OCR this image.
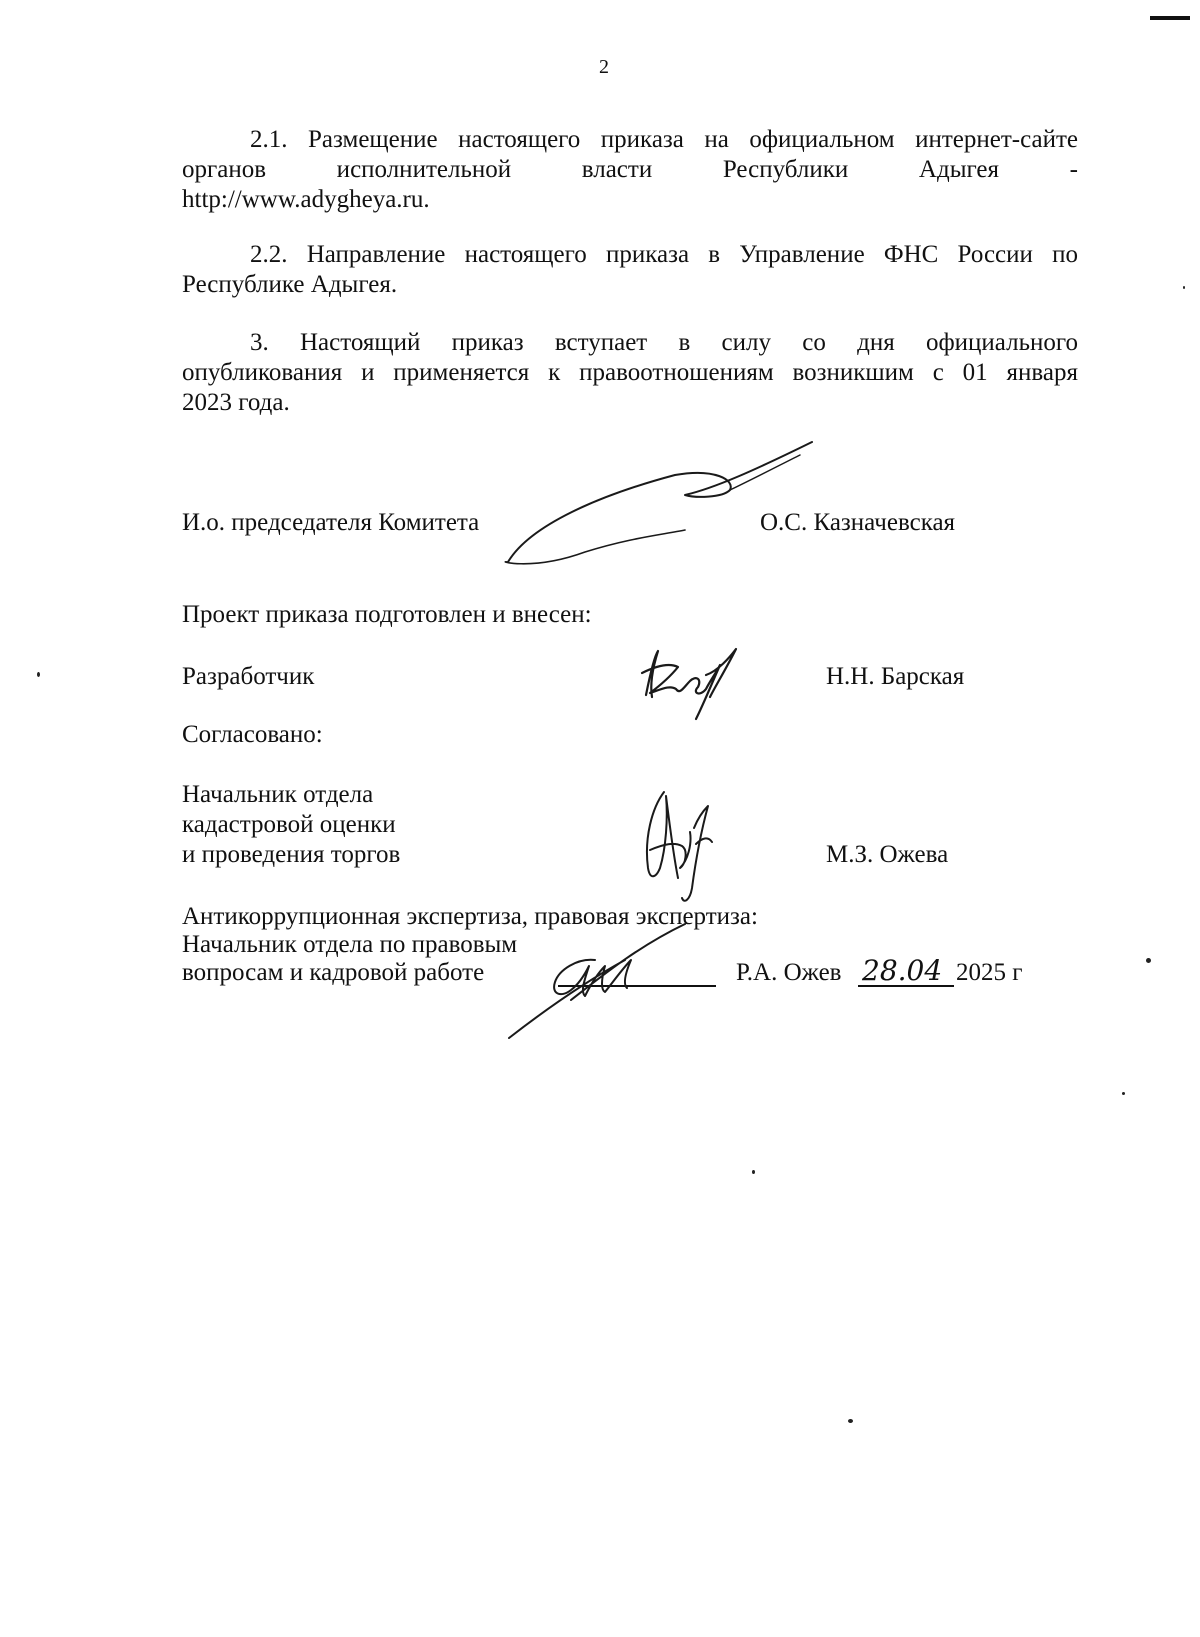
2

2.1. Размещение настоящего приказа на официальном интернет-сайте

органов исполнительной власти Республики Адыгея -

http://www.adygheya.ru.

2.2. Направление настоящего приказа в Управление ФНС России по

Республике Адыгея.

3. Настоящий приказ вступает в силу со дня официального

опубликования и применяется к правоотношениям возникшим с 01 января

2023 года.

И.о. председателя Комитета	О.С. Казначевская
Проект приказа подготовлен и внесен:
Разработчик	Н.Н. Барская
Согласовано:
Начальник отдела
кадастровой оценки
и проведения торгов	М.З. Ожева
Антикоррупционная экспертиза, правовая экспертиза:
Начальник отдела по правовым
вопросам и кадровой работе	Р.А. Ожев 28.04 2025 г
